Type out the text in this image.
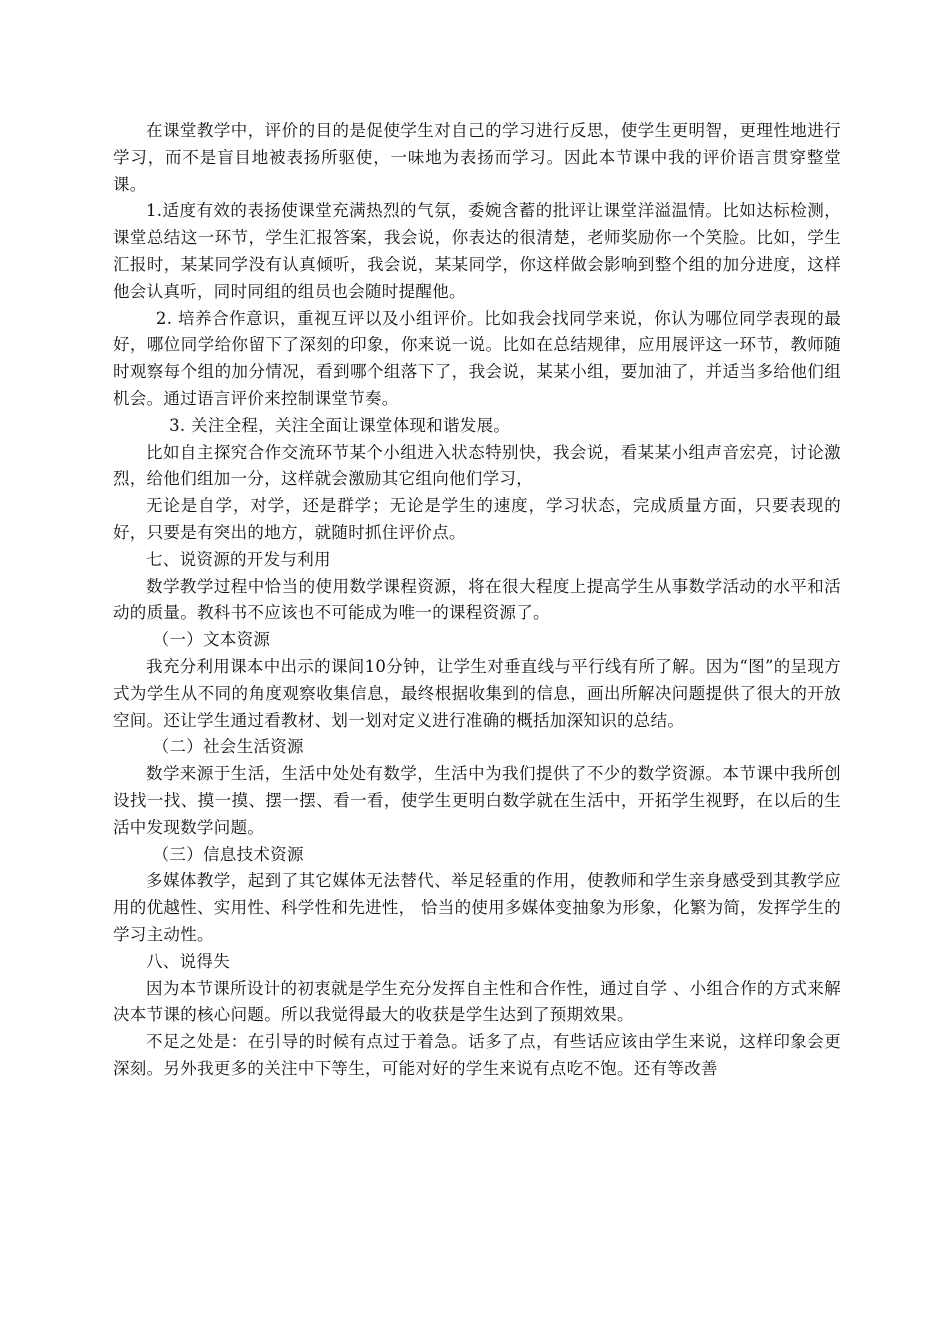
在课堂教学中，评价的目的是促使学生对自己的学习进行反思，使学生更明智，更理性地进行学习，而不是盲目地被表扬所驱使，一味地为表扬而学习。因此本节课中我的评价语言贯穿整堂课。

1.适度有效的表扬使课堂充满热烈的气氛，委婉含蓄的批评让课堂洋溢温情。比如达标检测，课堂总结这一环节，学生汇报答案，我会说，你表达的很清楚，老师奖励你一个笑脸。比如，学生汇报时，某某同学没有认真倾听，我会说，某某同学，你这样做会影响到整个组的加分进度，这样他会认真听，同时同组的组员也会随时提醒他。

2. 培养合作意识，重视互评以及小组评价。比如我会找同学来说，你认为哪位同学表现的最好，哪位同学给你留下了深刻的印象，你来说一说。比如在总结规律，应用展评这一环节，教师随时观察每个组的加分情况，看到哪个组落下了，我会说，某某小组，要加油了，并适当多给他们组机会。通过语言评价来控制课堂节奏。

3. 关注全程，关注全面让课堂体现和谐发展。

比如自主探究合作交流环节某个小组进入状态特别快，我会说，看某某小组声音宏亮，讨论激烈，给他们组加一分，这样就会激励其它组向他们学习，

无论是自学，对学，还是群学；无论是学生的速度，学习状态，完成质量方面，只要表现的好，只要是有突出的地方，就随时抓住评价点。

七、说资源的开发与利用

数学教学过程中恰当的使用数学课程资源，将在很大程度上提高学生从事数学活动的水平和活动的质量。教科书不应该也不可能成为唯一的课程资源了。

（一）文本资源

我充分利用课本中出示的课间10分钟，让学生对垂直线与平行线有所了解。因为“图”的呈现方式为学生从不同的角度观察收集信息，最终根据收集到的信息，画出所解决问题提供了很大的开放空间。还让学生通过看教材、划一划对定义进行准确的概括加深知识的总结。

（二）社会生活资源

数学来源于生活，生活中处处有数学，生活中为我们提供了不少的数学资源。本节课中我所创设找一找、摸一摸、摆一摆、看一看，使学生更明白数学就在生活中，开拓学生视野，在以后的生活中发现数学问题。

（三）信息技术资源

多媒体教学，起到了其它媒体无法替代、举足轻重的作用，使教师和学生亲身感受到其教学应用的优越性、实用性、科学性和先进性， 恰当的使用多媒体变抽象为形象，化繁为简，发挥学生的学习主动性。

八、说得失

因为本节课所设计的初衷就是学生充分发挥自主性和合作性，通过自学 、小组合作的方式来解决本节课的核心问题。所以我觉得最大的收获是学生达到了预期效果。

不足之处是：在引导的时候有点过于着急。话多了点，有些话应该由学生来说，这样印象会更深刻。另外我更多的关注中下等生，可能对好的学生来说有点吃不饱。还有等改善
